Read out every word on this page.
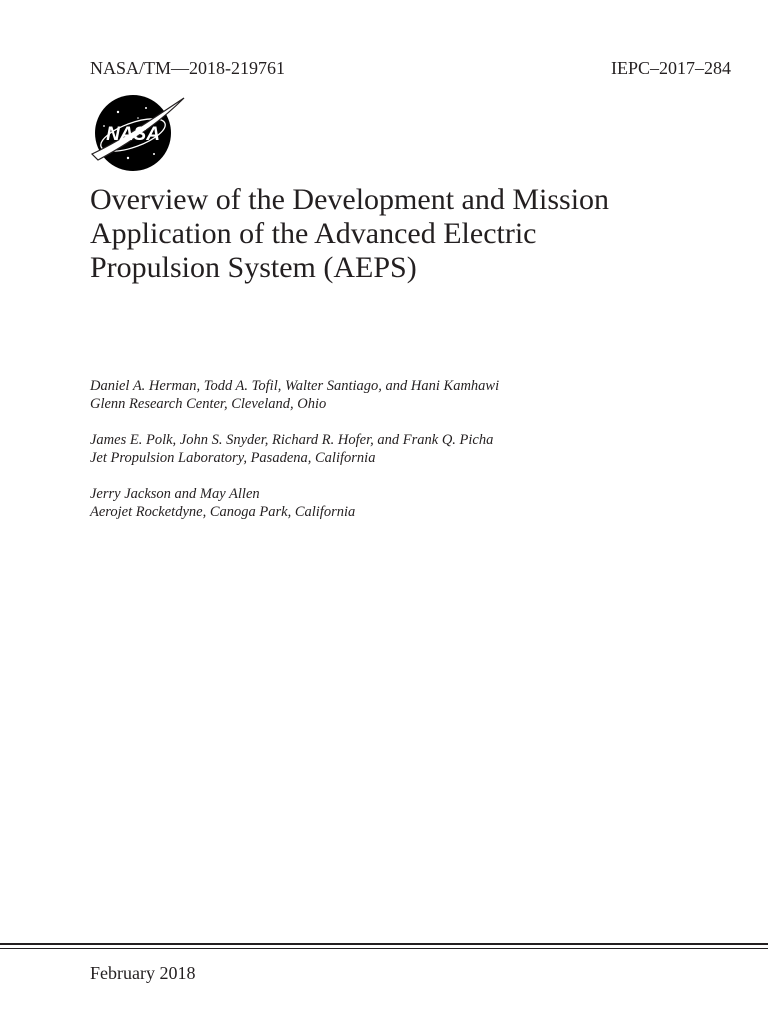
NASA/TM—2018-219761	IEPC–2017–284
NASA
Overview of the Development and Mission
Application of the Advanced Electric
Propulsion System (AEPS)
Daniel A. Herman, Todd A. Tofil, Walter Santiago, and Hani Kamhawi
Glenn Research Center, Cleveland, Ohio
James E. Polk, John S. Snyder, Richard R. Hofer, and Frank Q. Picha
Jet Propulsion Laboratory, Pasadena, California
Jerry Jackson and May Allen
Aerojet Rocketdyne, Canoga Park, California
February 2018
